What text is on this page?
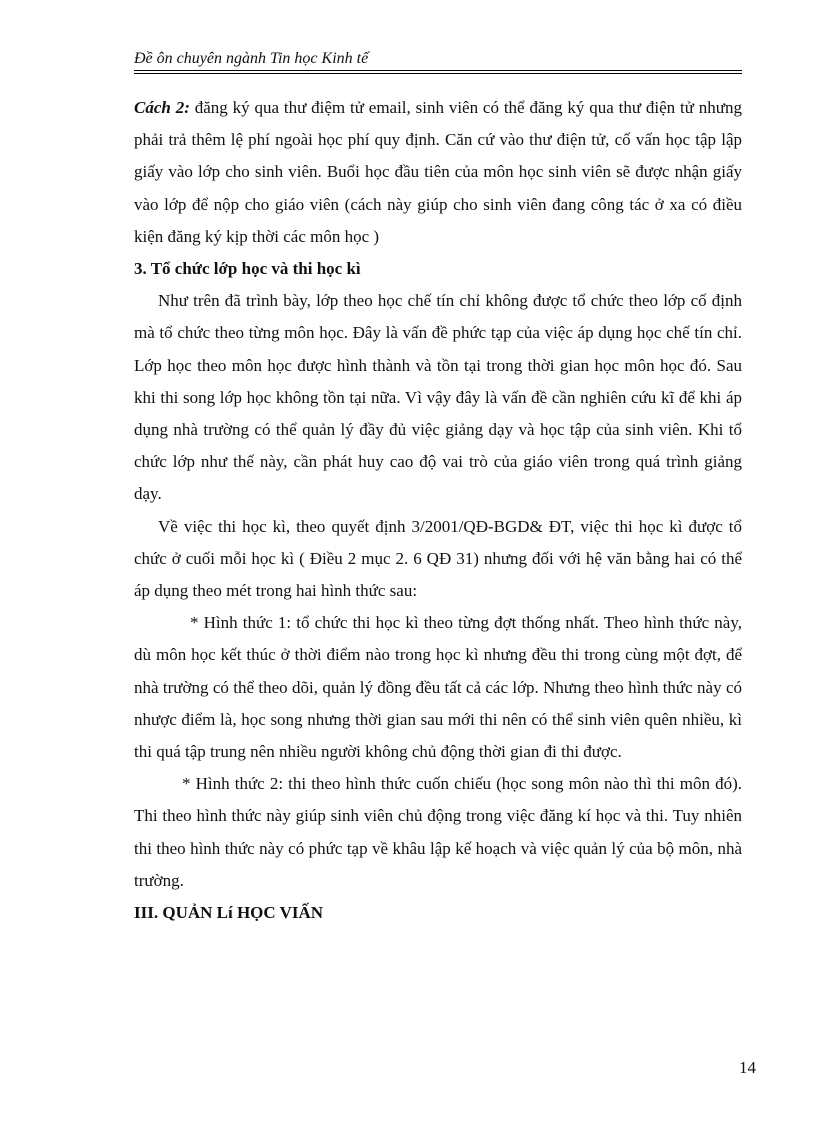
Đề ôn chuyên ngành Tin học Kinh tế

Cách 2: đăng ký qua thư điệm tử email, sinh viên có thể đăng ký qua thư điện tử nhưng phải trả thêm lệ phí ngoài học phí quy định. Căn cứ vào thư điện tử, cố vấn học tập lập giấy vào lớp cho sinh viên. Buổi học đầu tiên của môn học sinh viên sẽ được nhận giấy vào lớp để nộp cho giáo viên (cách này giúp cho sinh viên đang công tác ở xa có điều kiện đăng ký kịp thời các môn học )

3. Tổ chức lớp học và thi học kì

Như trên đã trình bày, lớp theo học chế tín chỉ không được tổ chức theo lớp cố định mà tổ chức theo từng môn học. Đây là vấn đề phức tạp của việc áp dụng học chế tín chỉ. Lớp học theo môn học được hình thành và tồn tại trong thời gian học môn học đó. Sau khi thi song lớp học không tồn tại nữa. Vì vậy đây là vấn đề cần nghiên cứu kĩ để khi áp dụng nhà trường có thể quản lý đầy đủ việc giảng dạy và học tập của sinh viên. Khi tổ chức lớp như thế này, cần phát huy cao độ vai trò của giáo viên trong quá trình giảng dạy.

Về việc thi học kì, theo quyết định 3/2001/QĐ-BGD& ĐT, việc thi học kì được tổ chức ở cuối mỗi học kì ( Điều 2 mục 2. 6 QĐ 31) nhưng đối với hệ văn bằng hai có thể áp dụng theo mét trong hai hình thức sau:

* Hình thức 1: tổ chức thi học kì theo từng đợt thống nhất. Theo hình thức này, dù môn học kết thúc ở thời điểm nào trong học kì nhưng đều thi trong cùng một đợt, để nhà trường có thể theo dõi, quản lý đồng đều tất cả các lớp. Nhưng theo hình thức này có nhược điểm là, học song nhưng thời gian sau mới thi nên có thể sinh viên quên nhiều, kì thi quá tập trung nên nhiều người không chủ động thời gian đi thi được.

* Hình thức 2: thi theo hình thức cuốn chiếu (học song môn nào thì thi môn đó). Thi theo hình thức này giúp sinh viên chủ động trong việc đăng kí học và thi. Tuy nhiên thi theo hình thức này có phức tạp về khâu lập kế hoạch và việc quản lý của bộ môn, nhà trường.

III. QUẢN Lí HỌC VIẤN

14
